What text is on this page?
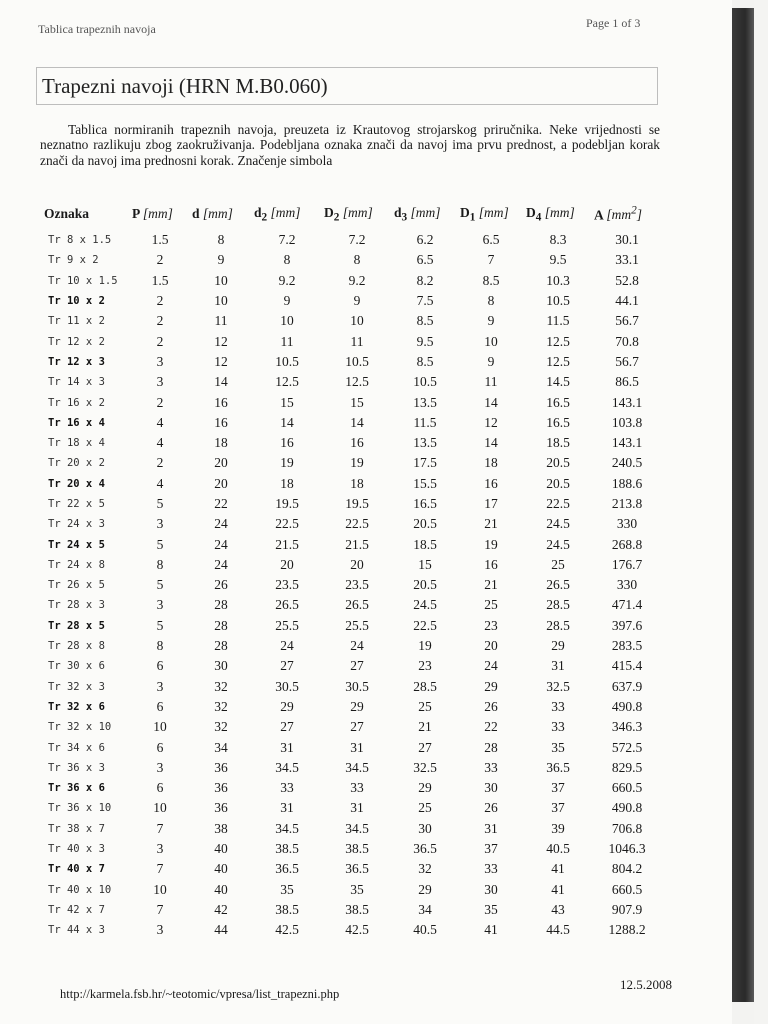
Tablica trapeznih navoja	Page 1 of 3
Trapezni navoji (HRN M.B0.060)
Tablica normiranih trapeznih navoja, preuzeta iz Krautovog strojarskog priručnika. Neke vrijednosti se neznatno razlikuju zbog zaokruživanja. Podebljana oznaka znači da navoj ima prvu prednost, a podebljan korak znači da navoj ima prednosni korak. Značenje simbola
Oznaka	P [mm]	d [mm]	$d_2$ [mm]	$D_2$ [mm]	$d_3$ [mm]	$D_1$ [mm]	$D_4$ [mm]	A $[mm^2]$
Tr 8 x 1.5	1.5	8	7.2	7.2	6.2	6.5	8.3	30.1
Tr 9 x 2	2	9	8	8	6.5	7	9.5	33.1
Tr 10 x 1.5	1.5	10	9.2	9.2	8.2	8.5	10.3	52.8
Tr 10 x 2	2	10	9	9	7.5	8	10.5	44.1
Tr 11 x 2	2	11	10	10	8.5	9	11.5	56.7
Tr 12 x 2	2	12	11	11	9.5	10	12.5	70.8
Tr 12 x 3	3	12	10.5	10.5	8.5	9	12.5	56.7
Tr 14 x 3	3	14	12.5	12.5	10.5	11	14.5	86.5
Tr 16 x 2	2	16	15	15	13.5	14	16.5	143.1
Tr 16 x 4	4	16	14	14	11.5	12	16.5	103.8
Tr 18 x 4	4	18	16	16	13.5	14	18.5	143.1
Tr 20 x 2	2	20	19	19	17.5	18	20.5	240.5
Tr 20 x 4	4	20	18	18	15.5	16	20.5	188.6
Tr 22 x 5	5	22	19.5	19.5	16.5	17	22.5	213.8
Tr 24 x 3	3	24	22.5	22.5	20.5	21	24.5	330
Tr 24 x 5	5	24	21.5	21.5	18.5	19	24.5	268.8
Tr 24 x 8	8	24	20	20	15	16	25	176.7
Tr 26 x 5	5	26	23.5	23.5	20.5	21	26.5	330
Tr 28 x 3	3	28	26.5	26.5	24.5	25	28.5	471.4
Tr 28 x 5	5	28	25.5	25.5	22.5	23	28.5	397.6
Tr 28 x 8	8	28	24	24	19	20	29	283.5
Tr 30 x 6	6	30	27	27	23	24	31	415.4
Tr 32 x 3	3	32	30.5	30.5	28.5	29	32.5	637.9
Tr 32 x 6	6	32	29	29	25	26	33	490.8
Tr 32 x 10	10	32	27	27	21	22	33	346.3
Tr 34 x 6	6	34	31	31	27	28	35	572.5
Tr 36 x 3	3	36	34.5	34.5	32.5	33	36.5	829.5
Tr 36 x 6	6	36	33	33	29	30	37	660.5
Tr 36 x 10	10	36	31	31	25	26	37	490.8
Tr 38 x 7	7	38	34.5	34.5	30	31	39	706.8
Tr 40 x 3	3	40	38.5	38.5	36.5	37	40.5	1046.3
Tr 40 x 7	7	40	36.5	36.5	32	33	41	804.2
Tr 40 x 10	10	40	35	35	29	30	41	660.5
Tr 42 x 7	7	42	38.5	38.5	34	35	43	907.9
Tr 44 x 3	3	44	42.5	42.5	40.5	41	44.5	1288.2
http://karmela.fsb.hr/~teotomic/vpresa/list_trapezni.php
12.5.2008
